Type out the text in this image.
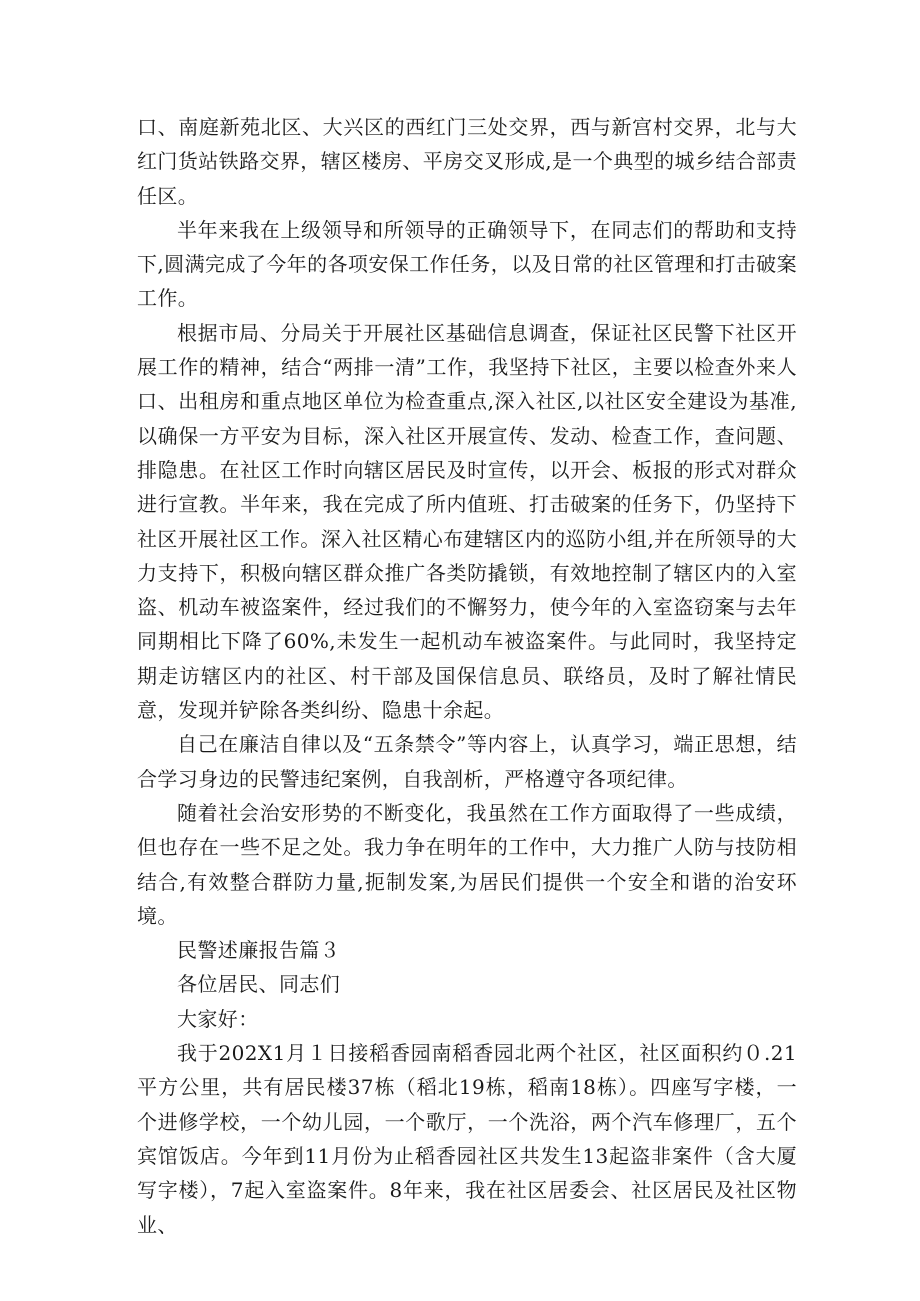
口、南庭新苑北区、大兴区的西红门三处交界，西与新宫村交界，北与大红门货站铁路交界，辖区楼房、平房交叉形成,是一个典型的城乡结合部责任区。

半年来我在上级领导和所领导的正确领导下，在同志们的帮助和支持下,圆满完成了今年的各项安保工作任务，以及日常的社区管理和打击破案工作。

根据市局、分局关于开展社区基础信息调查，保证社区民警下社区开展工作的精神，结合“两排一清”工作，我坚持下社区，主要以检查外来人口、出租房和重点地区单位为检查重点,深入社区,以社区安全建设为基准,以确保一方平安为目标，深入社区开展宣传、发动、检查工作，查问题、排隐患。在社区工作时向辖区居民及时宣传，以开会、板报的形式对群众进行宣教。半年来，我在完成了所内值班、打击破案的任务下，仍坚持下社区开展社区工作。深入社区精心布建辖区内的巡防小组,并在所领导的大力支持下，积极向辖区群众推广各类防撬锁，有效地控制了辖区内的入室盗、机动车被盗案件，经过我们的不懈努力，使今年的入室盗窃案与去年同期相比下降了60%,未发生一起机动车被盗案件。与此同时，我坚持定期走访辖区内的社区、村干部及国保信息员、联络员，及时了解社情民意，发现并铲除各类纠纷、隐患十余起。

自己在廉洁自律以及“五条禁令”等内容上，认真学习，端正思想，结合学习身边的民警违纪案例，自我剖析，严格遵守各项纪律。

随着社会治安形势的不断变化，我虽然在工作方面取得了一些成绩，但也存在一些不足之处。我力争在明年的工作中，大力推广人防与技防相结合,有效整合群防力量,扼制发案,为居民们提供一个安全和谐的治安环境。

民警述廉报告篇３

各位居民、同志们

大家好：

我于202X1月１日接稻香园南稻香园北两个社区，社区面积约０.21平方公里，共有居民楼37栋（稻北19栋，稻南18栋）。四座写字楼，一个进修学校，一个幼儿园，一个歌厅，一个洗浴，两个汽车修理厂，五个宾馆饭店。今年到11月份为止稻香园社区共发生13起盗非案件（含大厦写字楼），7起入室盗案件。8年来，我在社区居委会、社区居民及社区物业、
